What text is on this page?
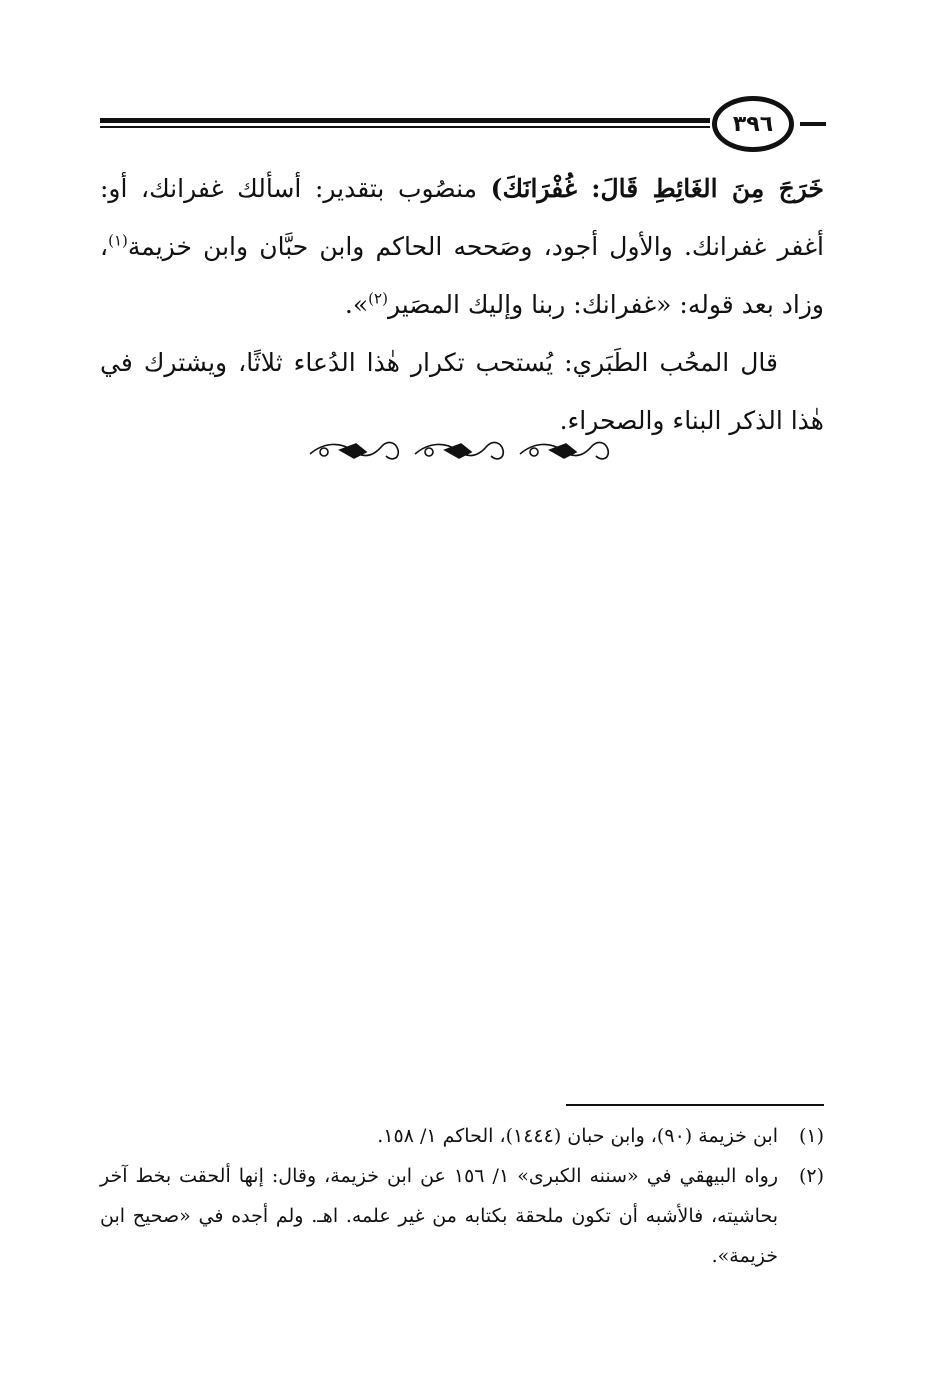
٣٩٦

خَرَجَ مِنَ الغَائِطِ قَالَ: غُفْرَانَكَ) منصُوب بتقدير: أسألك غفرانك، أو: أغفر غفرانك. والأول أجود، وصَححه الحاكم وابن حبَّان وابن خزيمة$^{(١)}$، وزاد بعد قوله: «غفرانك: ربنا وإليك المصَير$^{(٢)}$».

قال المحُب الطَبَري: يُستحب تكرار هٰذا الدُعاء ثلاثًا، ويشترك في هٰذا الذكر البناء والصحراء.

(١)
ابن خزيمة (٩٠)، وابن حبان (١٤٤٤)، الحاكم ١/ ١٥٨.
(٢)
رواه البيهقي في «سننه الكبرى» ١/ ١٥٦ عن ابن خزيمة، وقال: إنها ألحقت بخط آخر بحاشيته، فالأشبه أن تكون ملحقة بكتابه من غير علمه. اهـ. ولم أجده في «صحيح ابن خزيمة».
